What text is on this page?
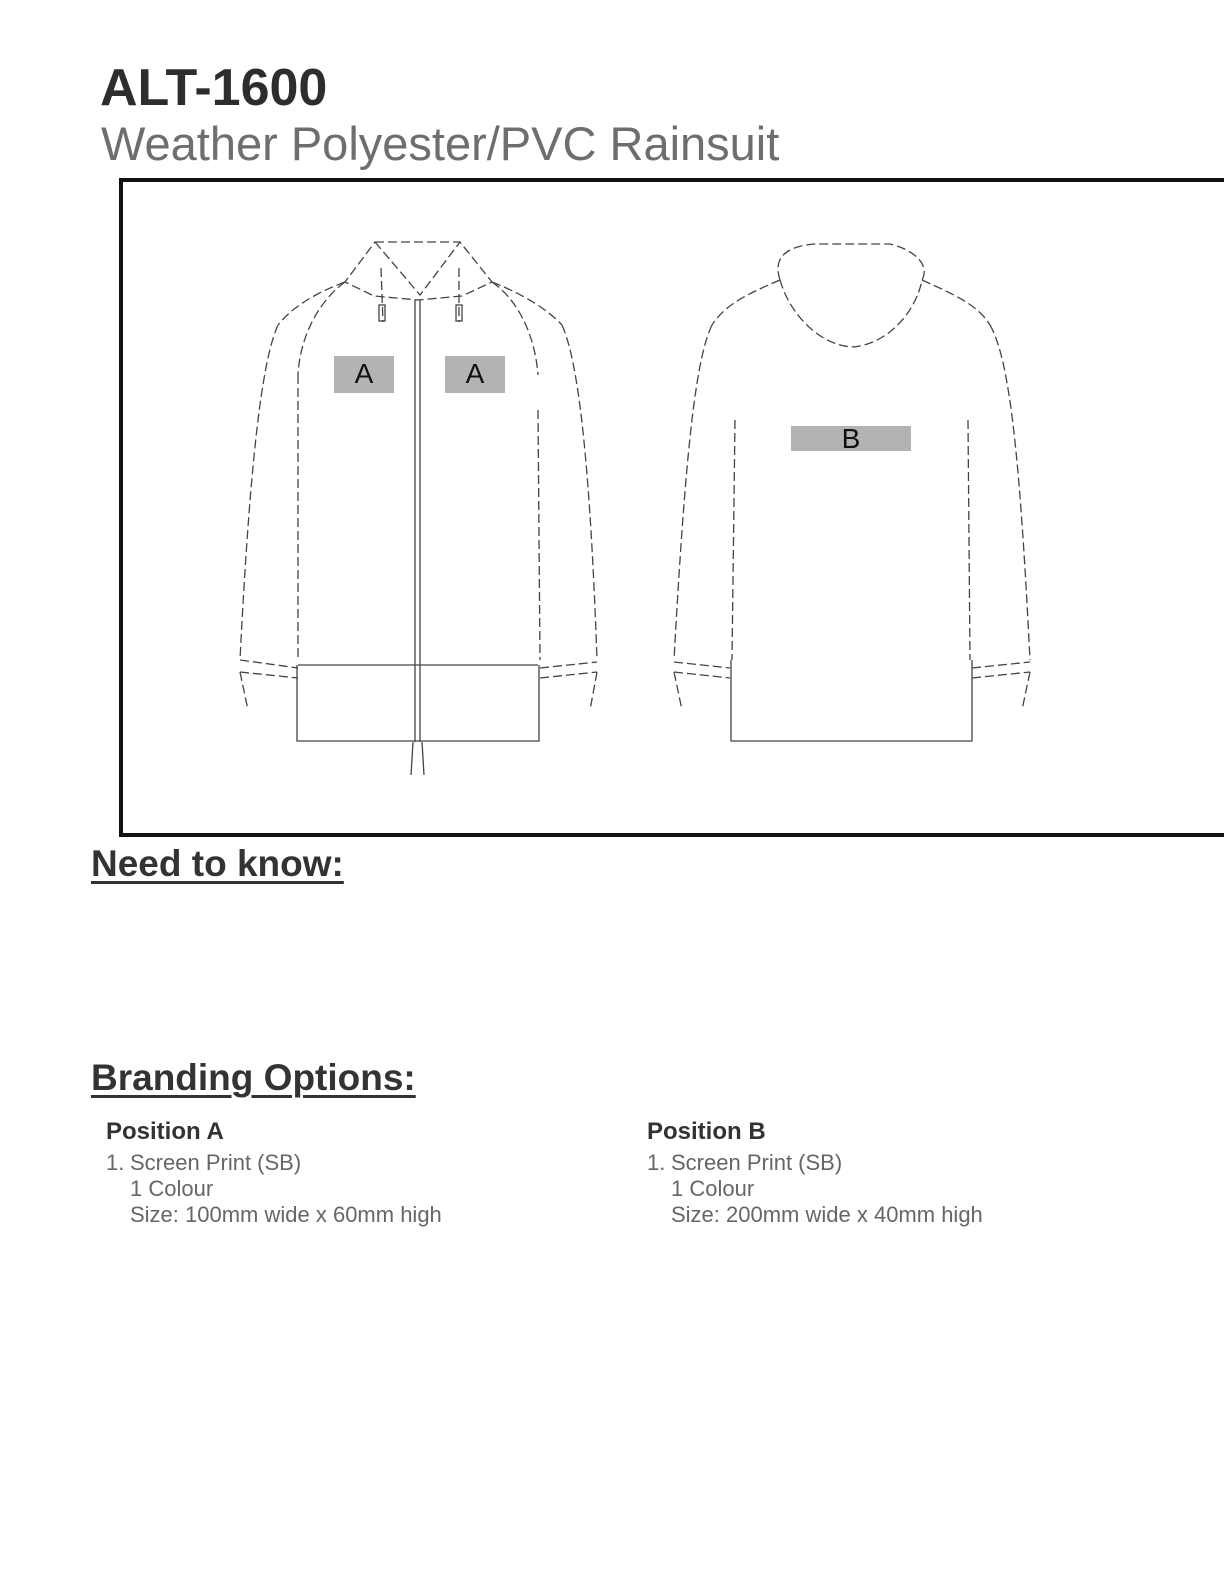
ALT-1600
Weather Polyester/PVC Rainsuit
A	A
B
Need to know:
Branding Options:
Position A
1. Screen Print (SB)
1 Colour
Size: 100mm wide x 60mm high
Position B
1. Screen Print (SB)
1 Colour
Size: 200mm wide x 40mm high
